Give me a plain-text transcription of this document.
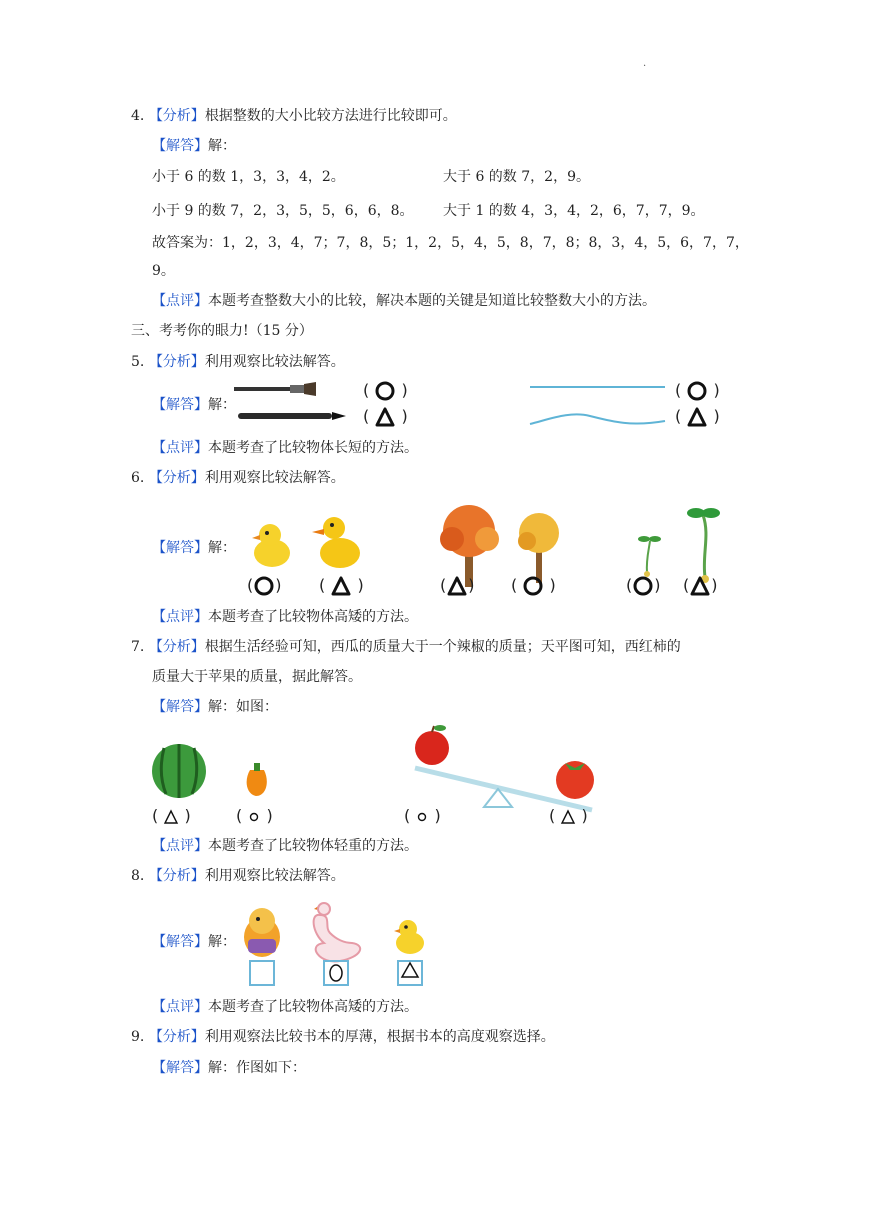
.
4. 【分析】根据整数的大小比较方法进行比较即可。
【解答】解：
小于 6 的数 1，3，3，4，2。	大于 6 的数 7，2，9。
小于 9 的数 7，2，3，5，5，6，6，8。 大于 1 的数 4，3，4，2，6，7，7，9。
故答案为：1，2，3，4，7；7，8，5；1，2，5，4，5，8，7，8；8，3，4，5，6，7，7，
9。
【点评】本题考查整数大小的比较，解决本题的关键是知道比较整数大小的方法。
三、考考你的眼力!（15 分）
5. 【分析】利用观察比较法解答。
【解答】解：
( )
( )
( )
( )
【点评】本题考查了比较物体长短的方法。
6. 【分析】利用观察比较法解答。
【解答】解：
( ) ( )	( ) ( )	( ) ( )
【点评】本题考查了比较物体高矮的方法。
7. 【分析】根据生活经验可知，西瓜的质量大于一个辣椒的质量；天平图可知，西红柿的
质量大于苹果的质量，据此解答。
【解答】解：如图：
( )	( )	( )	( )
【点评】本题考查了比较物体轻重的方法。
8. 【分析】利用观察比较法解答。
【解答】解：
【点评】本题考查了比较物体高矮的方法。
9. 【分析】利用观察法比较书本的厚薄，根据书本的高度观察选择。
【解答】解：作图如下：
